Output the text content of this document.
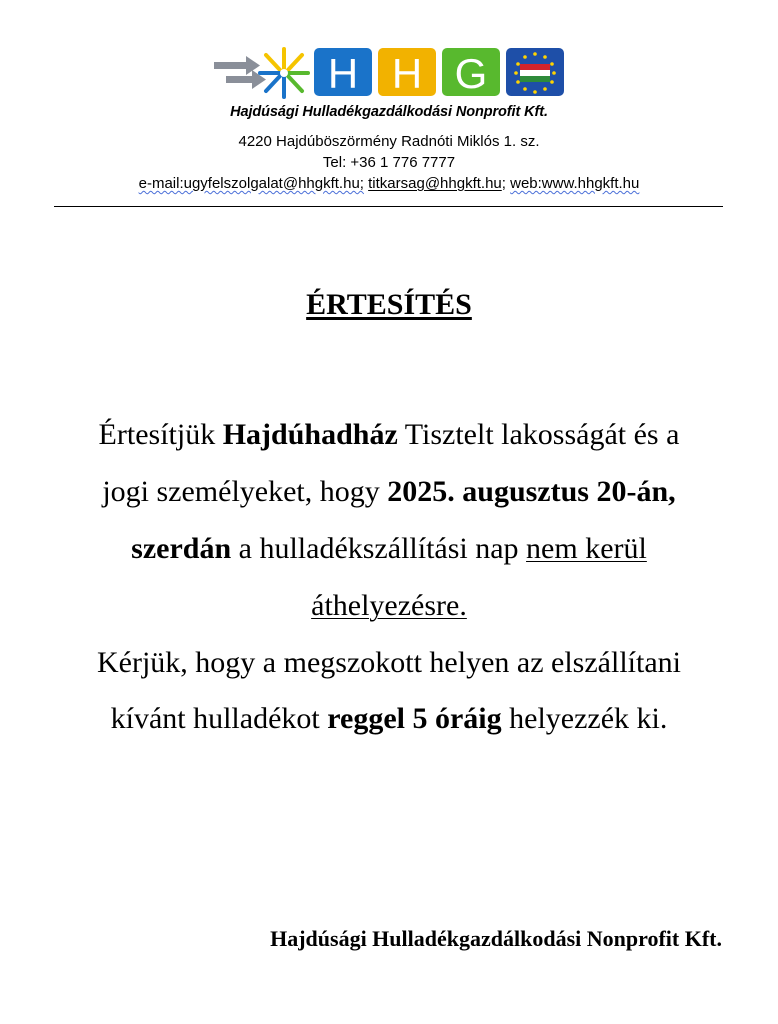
H H G
Hajdúsági Hulladékgazdálkodási Nonprofit Kft.
4220 Hajdúböszörmény Radnóti Miklós 1. sz.
Tel: +36 1 776 7777
e-mail:ugyfelszolgalat@hhgkft.hu; titkarsag@hhgkft.hu; web:www.hhgkft.hu
ÉRTESÍTÉS
Értesítjük Hajdúhadház Tisztelt lakosságát és a
jogi személyeket, hogy 2025. augusztus 20-án,
szerdán a hulladékszállítási nap nem kerül
áthelyezésre.
Kérjük, hogy a megszokott helyen az elszállítani
kívánt hulladékot reggel 5 óráig helyezzék ki.
Hajdúsági Hulladékgazdálkodási Nonprofit Kft.
